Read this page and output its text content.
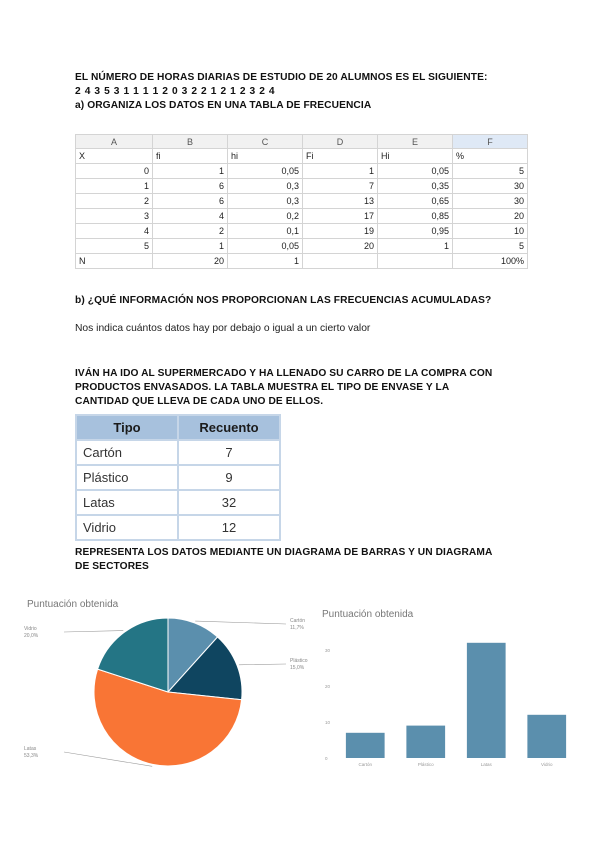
EL NÚMERO DE HORAS DIARIAS DE ESTUDIO DE 20 ALUMNOS ES EL SIGUIENTE:
2 4 3 5 3 1 1 1 1 2 0 3 2 2 1 2 1 2 3 2 4
a) ORGANIZA LOS DATOS EN UNA TABLA DE FRECUENCIA
A	B	C	D	E	F
X	fi	hi	Fi	Hi	%
0	1	0,05	1	0,05	5
1	6	0,3	7	0,35	30
2	6	0,3	13	0,65	30
3	4	0,2	17	0,85	20
4	2	0,1	19	0,95	10
5	1	0,05	20	1	5
N	20	1			100%
b) ¿QUÉ INFORMACIÓN NOS PROPORCIONAN LAS FRECUENCIAS ACUMULADAS?
Nos indica cuántos datos hay por debajo o igual a un cierto valor
IVÁN HA IDO AL SUPERMERCADO Y HA LLENADO SU CARRO DE LA COMPRA CON
PRODUCTOS ENVASADOS. LA TABLA MUESTRA EL TIPO DE ENVASE Y LA
CANTIDAD QUE LLEVA DE CADA UNO DE ELLOS.
Tipo	Recuento
Cartón	7
Plástico	9
Latas	32
Vidrio	12
REPRESENTA LOS DATOS MEDIANTE UN DIAGRAMA DE BARRAS Y UN DIAGRAMA
DE SECTORES
Puntuación obtenida
Cartón
11,7%
Plástico
15,0%
Latas
53,3%
Vidrio
20,0%
Puntuación obtenida
0
10
20
30
Cartón	Plástico	Latas	Vidrio
